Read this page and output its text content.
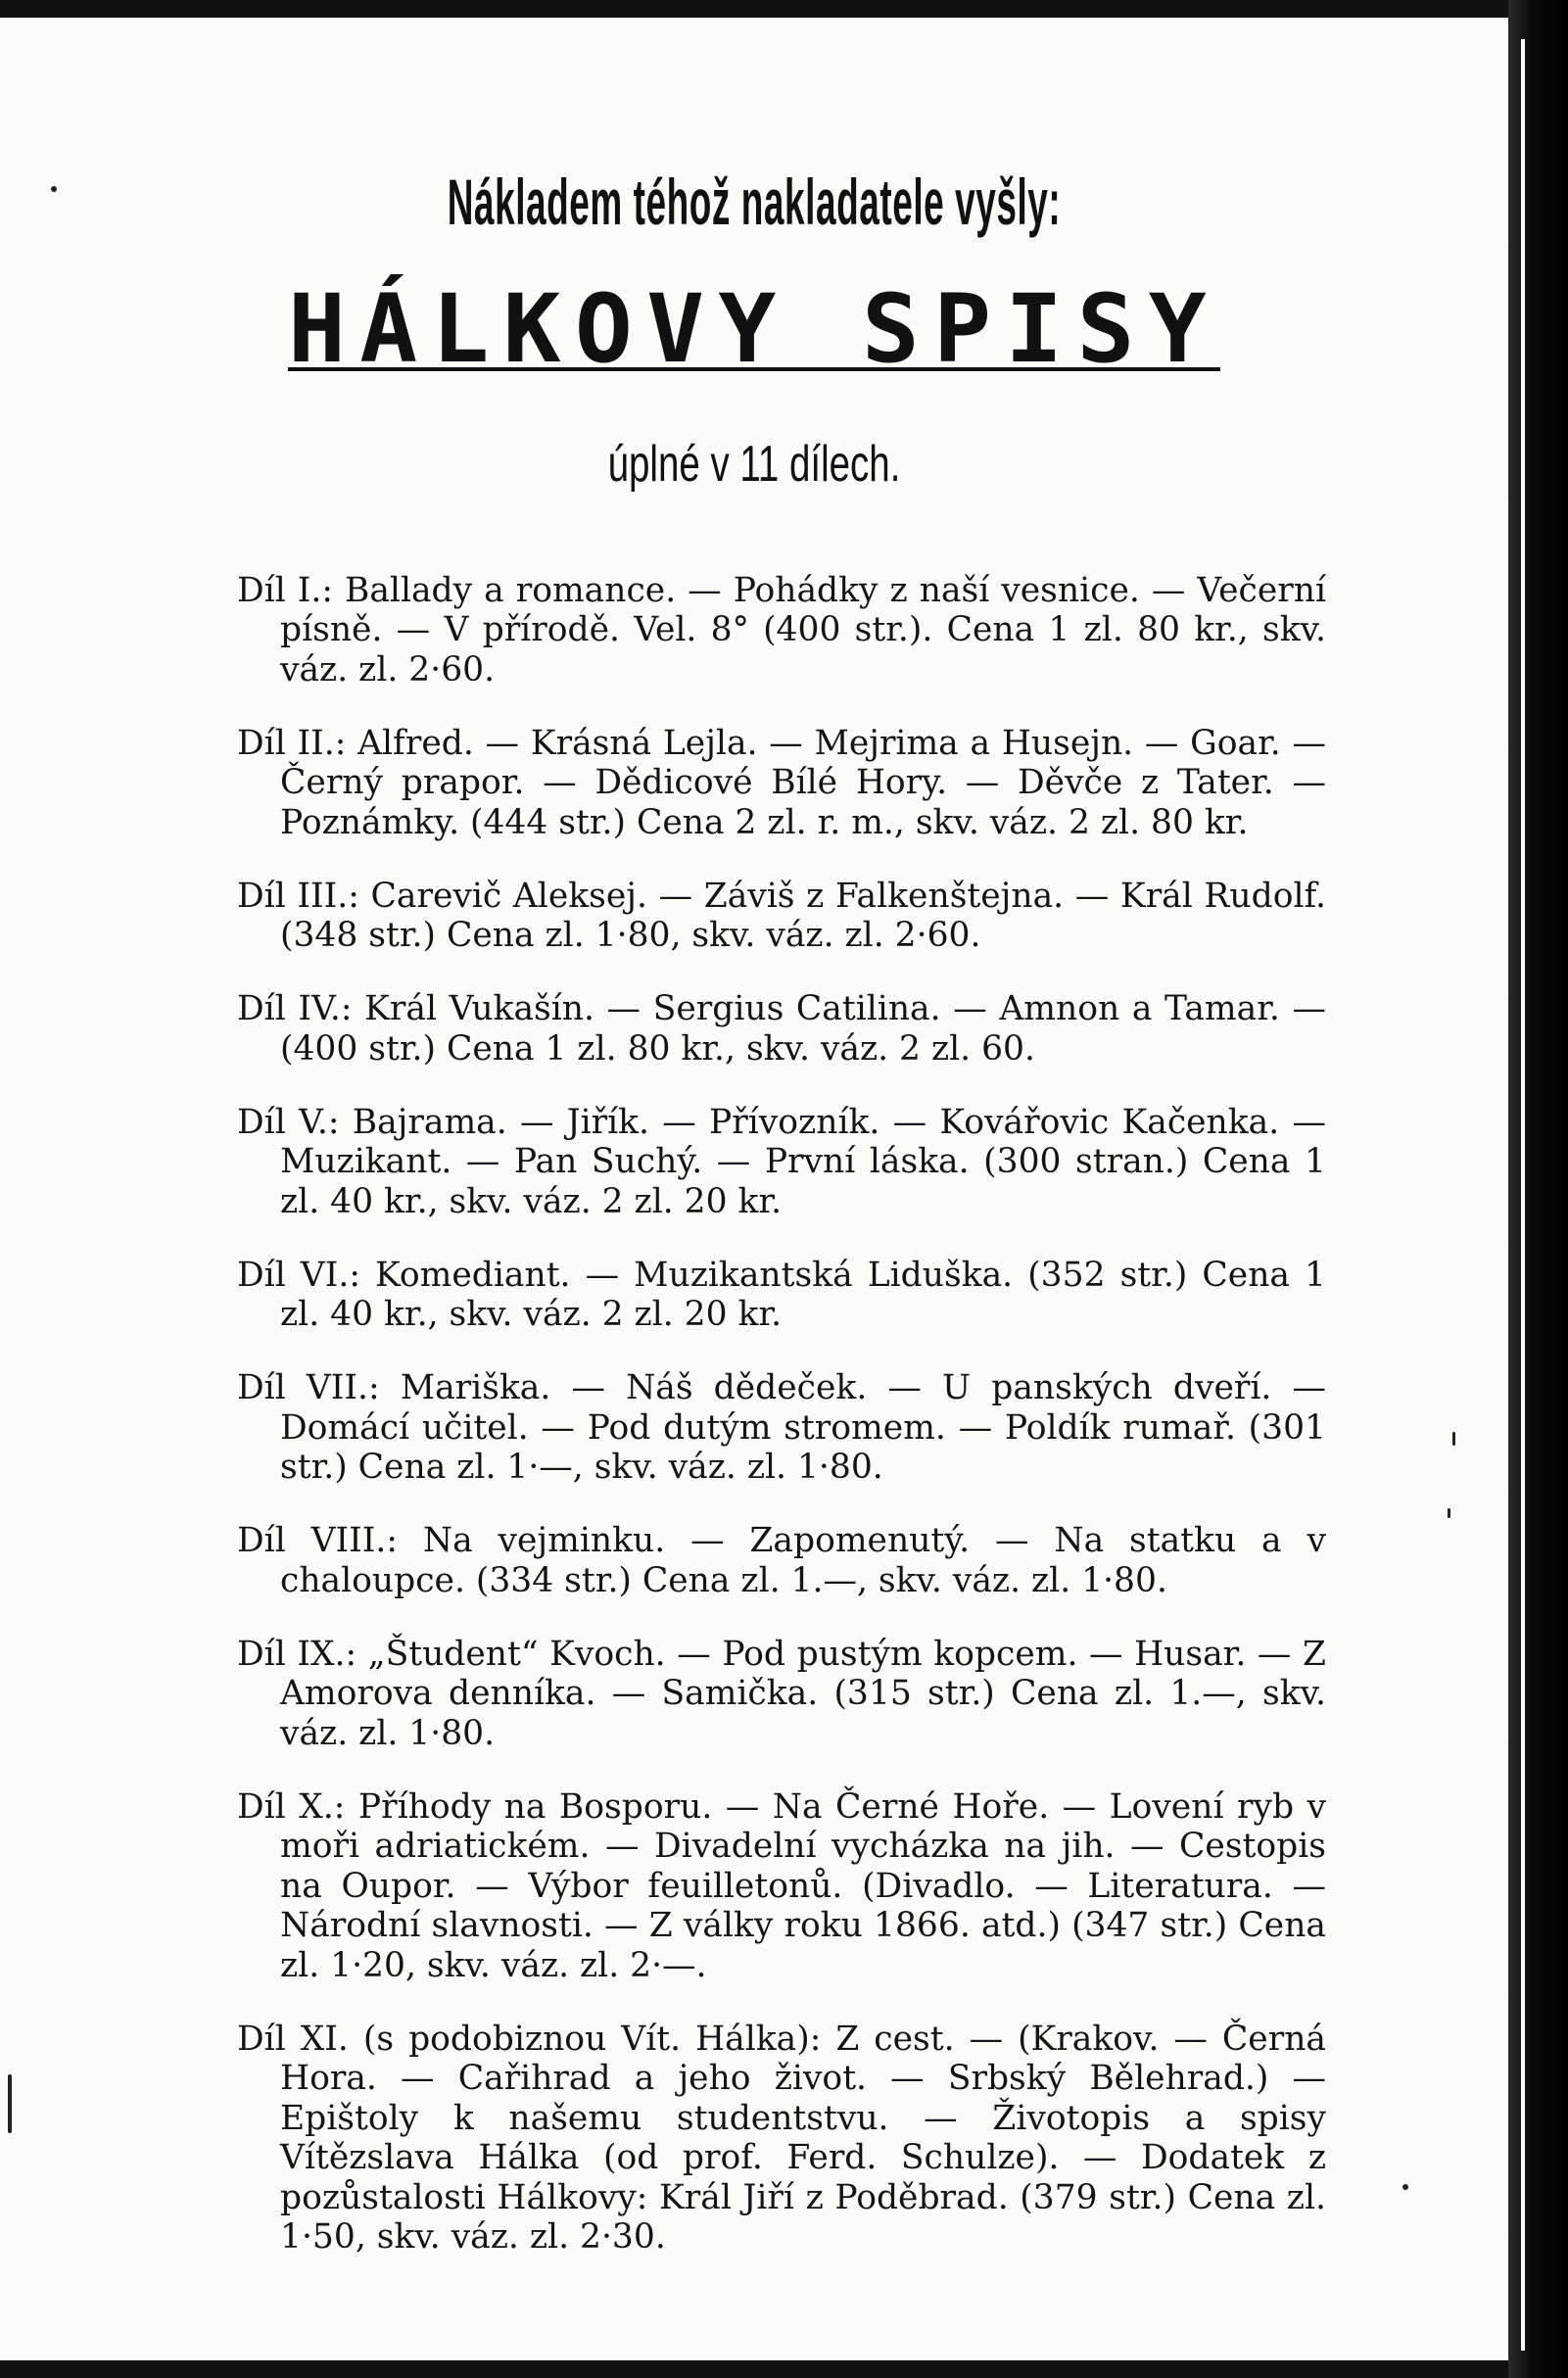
Nákladem téhož nakladatele vyšly:
HÁLKOVY SPISY
úplné v 11 dílech.

Díl I.: Ballady a romance. — Pohádky z naší vesnice. — Večerní písně. — V přírodě. Vel. 8° (400 str.). Cena 1 zl. 80 kr., skv. váz. zl. 2·60.

Díl II.: Alfred. — Krásná Lejla. — Mejrima a Husejn. — Goar. — Černý prapor. — Dědicové Bílé Hory. — Děvče z Tater. — Poznámky. (444 str.) Cena 2 zl. r. m., skv. váz. 2 zl. 80 kr.

Díl III.: Carevič Aleksej. — Záviš z Falkenštejna. — Král Rudolf. (348 str.) Cena zl. 1·80, skv. váz. zl. 2·60.

Díl IV.: Král Vukašín. — Sergius Catilina. — Amnon a Tamar. — (400 str.) Cena 1 zl. 80 kr., skv. váz. 2 zl. 60.

Díl V.: Bajrama. — Jiřík. — Přívozník. — Kovářovic Kačenka. — Muzikant. — Pan Suchý. — První láska. (300 stran.) Cena 1 zl. 40 kr., skv. váz. 2 zl. 20 kr.

Díl VI.: Komediant. — Muzikantská Liduška. (352 str.) Cena 1 zl. 40 kr., skv. váz. 2 zl. 20 kr.

Díl VII.: Mariška. — Náš dědeček. — U panských dveří. — Domácí učitel. — Pod dutým stromem. — Poldík rumař. (301 str.) Cena zl. 1·—, skv. váz. zl. 1·80.

Díl VIII.: Na vejminku. — Zapomenutý. — Na statku a v chaloupce. (334 str.) Cena zl. 1.—, skv. váz. zl. 1·80.

Díl IX.: „Študent“ Kvoch. — Pod pustým kopcem. — Husar. — Z Amorova denníka. — Samička. (315 str.) Cena zl. 1.—, skv. váz. zl. 1·80.

Díl X.: Příhody na Bosporu. — Na Černé Hoře. — Lovení ryb v moři adriatickém. — Divadelní vycházka na jih. — Cestopis na Oupor. — Výbor feuilletonů. (Divadlo. — Literatura. — Národní slavnosti. — Z války roku 1866. atd.) (347 str.) Cena zl. 1·20, skv. váz. zl. 2·—.

Díl XI. (s podobiznou Vít. Hálka): Z cest. — (Krakov. — Černá Hora. — Cařihrad a jeho život. — Srbský Bělehrad.) — Epištoly k našemu studentstvu. — Životopis a spisy Vítězslava Hálka (od prof. Ferd. Schulze). — Dodatek z pozůstalosti Hálkovy: Král Jiří z Poděbrad. (379 str.) Cena zl. 1·50, skv. váz. zl. 2·30.
